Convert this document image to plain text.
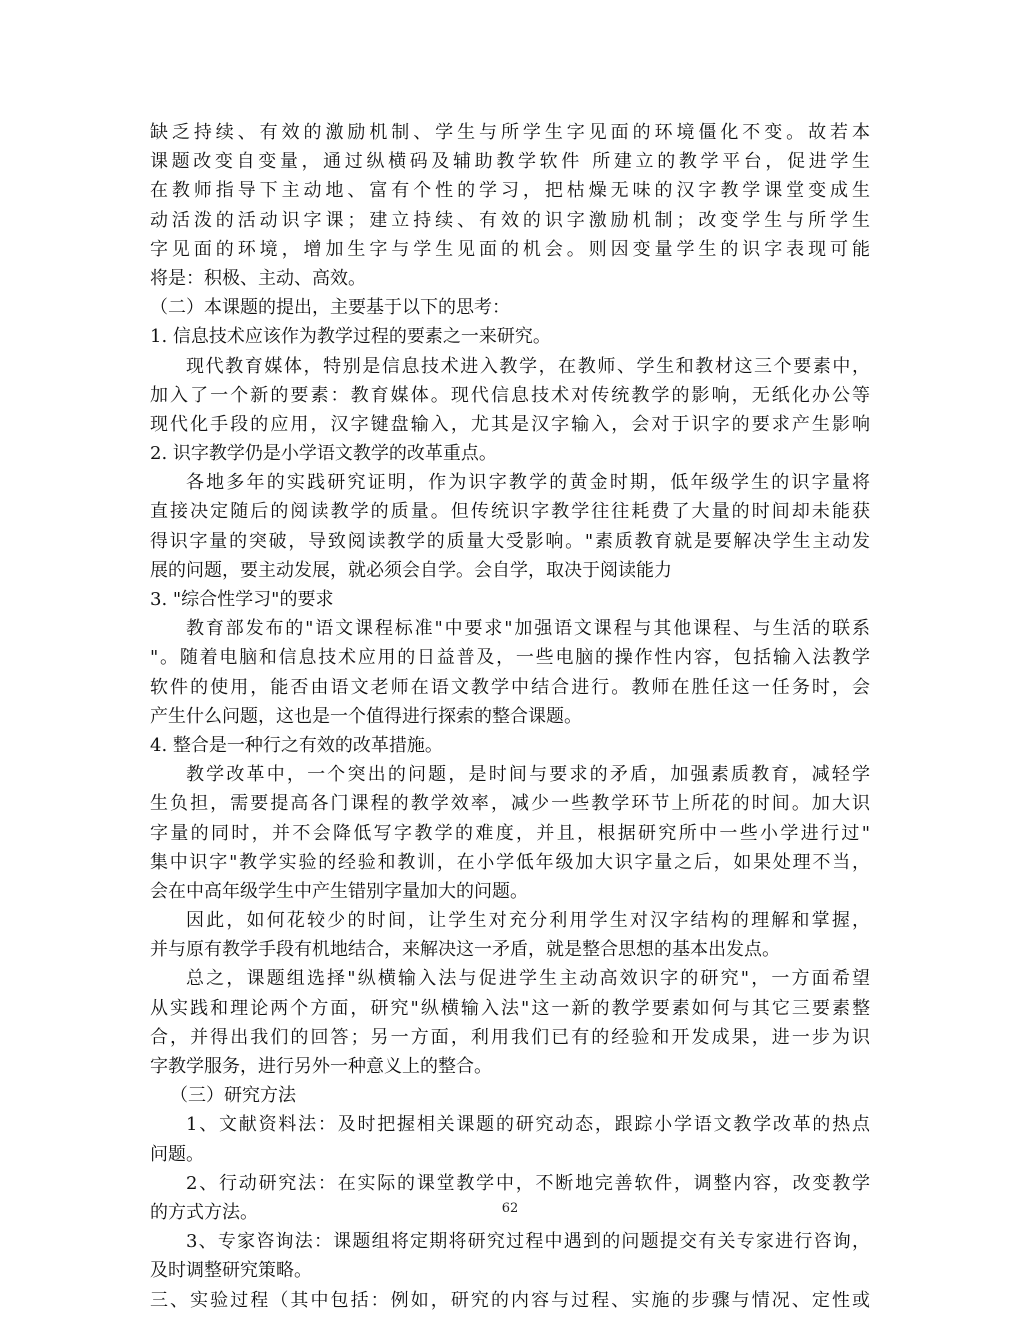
缺乏持续、有效的激励机制、学生与所学生字见面的环境僵化不变。故若本
课题改变自变量，通过纵横码及辅助教学软件 所建立的教学平台，促进学生
在教师指导下主动地、富有个性的学习，把枯燥无味的汉字教学课堂变成生
动活泼的活动识字课；建立持续、有效的识字激励机制；改变学生与所学生
字见面的环境，增加生字与学生见面的机会。则因变量学生的识字表现可能
将是：积极、主动、高效。
（二）本课题的提出，主要基于以下的思考：
1. 信息技术应该作为教学过程的要素之一来研究。
现代教育媒体，特别是信息技术进入教学，在教师、学生和教材这三个要素中，
加入了一个新的要素：教育媒体。现代信息技术对传统教学的影响，无纸化办公等
现代化手段的应用，汉字键盘输入，尤其是汉字输入，会对于识字的要求产生影响
2. 识字教学仍是小学语文教学的改革重点。
各地多年的实践研究证明，作为识字教学的黄金时期，低年级学生的识字量将
直接决定随后的阅读教学的质量。但传统识字教学往往耗费了大量的时间却未能获
得识字量的突破，导致阅读教学的质量大受影响。"素质教育就是要解决学生主动发
展的问题，要主动发展，就必须会自学。会自学，取决于阅读能力
3. "综合性学习"的要求
教育部发布的"语文课程标准"中要求"加强语文课程与其他课程、与生活的联系
"。随着电脑和信息技术应用的日益普及，一些电脑的操作性内容，包括输入法教学
软件的使用，能否由语文老师在语文教学中结合进行。教师在胜任这一任务时，会
产生什么问题，这也是一个值得进行探索的整合课题。
4. 整合是一种行之有效的改革措施。
教学改革中，一个突出的问题，是时间与要求的矛盾，加强素质教育，减轻学
生负担，需要提高各门课程的教学效率，减少一些教学环节上所花的时间。加大识
字量的同时，并不会降低写字教学的难度，并且，根据研究所中一些小学进行过"
集中识字"教学实验的经验和教训，在小学低年级加大识字量之后，如果处理不当，
会在中高年级学生中产生错别字量加大的问题。
因此，如何花较少的时间，让学生对充分利用学生对汉字结构的理解和掌握，
并与原有教学手段有机地结合，来解决这一矛盾，就是整合思想的基本出发点。
总之，课题组选择"纵横输入法与促进学生主动高效识字的研究"，一方面希望
从实践和理论两个方面，研究"纵横输入法"这一新的教学要素如何与其它三要素整
合，并得出我们的回答；另一方面，利用我们已有的经验和开发成果，进一步为识
字教学服务，进行另外一种意义上的整合。
（三）研究方法
1、文献资料法：及时把握相关课题的研究动态，跟踪小学语文教学改革的热点
问题。
2、行动研究法：在实际的课堂教学中，不断地完善软件，调整内容，改变教学
的方式方法。
3、专家咨询法：课题组将定期将研究过程中遇到的问题提交有关专家进行咨询，
及时调整研究策略。
三、实验过程（其中包括：例如，研究的内容与过程、实施的步骤与情况、定性或
62
